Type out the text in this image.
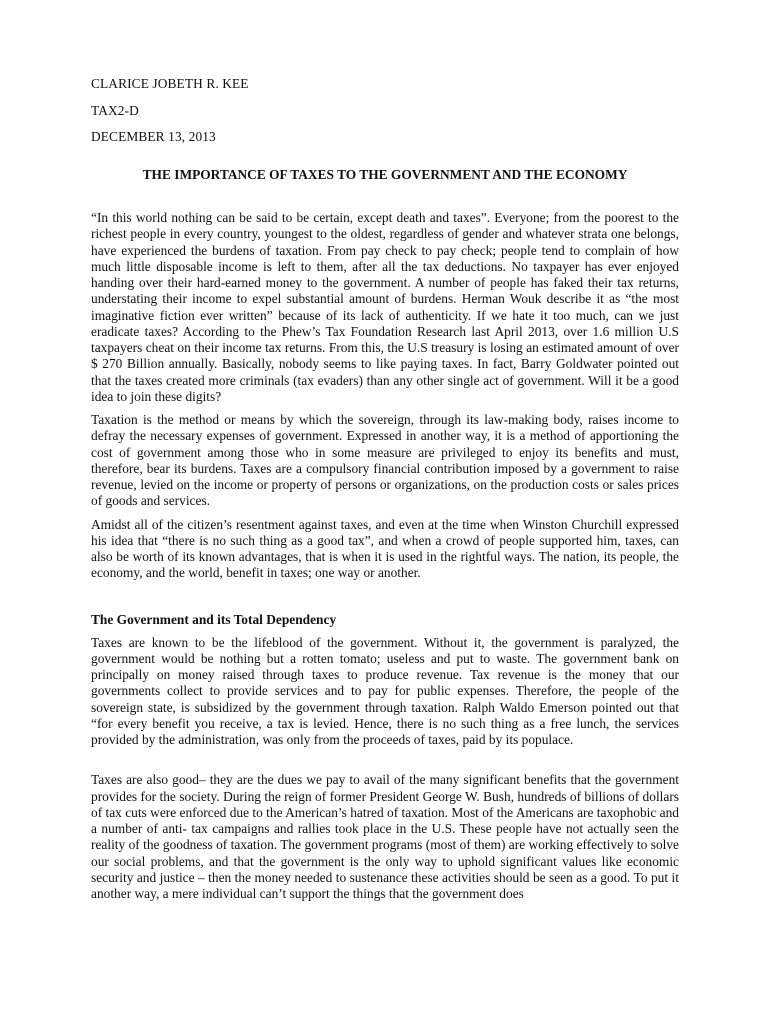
CLARICE JOBETH R. KEE
TAX2-D
DECEMBER 13, 2013
THE IMPORTANCE OF TAXES TO THE GOVERNMENT AND THE ECONOMY

“In this world nothing can be said to be certain, except death and taxes”. Everyone; from the poorest to the richest people in every country, youngest to the oldest, regardless of gender and whatever strata one belongs, have experienced the burdens of taxation. From pay check to pay check; people tend to complain of how much little disposable income is left to them, after all the tax deductions. No taxpayer has ever enjoyed handing over their hard-earned money to the government. A number of people has faked their tax returns, understating their income to expel substantial amount of burdens. Herman Wouk describe it as “the most imaginative fiction ever written” because of its lack of authenticity. If we hate it too much, can we just eradicate taxes? According to the Phew’s Tax Foundation Research last April 2013, over 1.6 million U.S taxpayers cheat on their income tax returns. From this, the U.S treasury is losing an estimated amount of over $ 270 Billion annually. Basically, nobody seems to like paying taxes. In fact, Barry Goldwater pointed out that the taxes created more criminals (tax evaders) than any other single act of government. Will it be a good idea to join these digits?

Taxation is the method or means by which the sovereign, through its law-making body, raises income to defray the necessary expenses of government. Expressed in another way, it is a method of apportioning the cost of government among those who in some measure are privileged to enjoy its benefits and must, therefore, bear its burdens. Taxes are a compulsory financial contribution imposed by a government to raise revenue, levied on the income or property of persons or organizations, on the production costs or sales prices of goods and services.

Amidst all of the citizen’s resentment against taxes, and even at the time when Winston Churchill expressed his idea that “there is no such thing as a good tax”, and when a crowd of people supported him, taxes, can also be worth of its known advantages, that is when it is used in the rightful ways. The nation, its people, the economy, and the world, benefit in taxes; one way or another.

The Government and its Total Dependency

Taxes are known to be the lifeblood of the government. Without it, the government is paralyzed, the government would be nothing but a rotten tomato; useless and put to waste. The government bank on principally on money raised through taxes to produce revenue. Tax revenue is the money that our governments collect to provide services and to pay for public expenses. Therefore, the people of the sovereign state, is subsidized by the government through taxation. Ralph Waldo Emerson pointed out that “for every benefit you receive, a tax is levied. Hence, there is no such thing as a free lunch, the services provided by the administration, was only from the proceeds of taxes, paid by its populace.

Taxes are also good– they are the dues we pay to avail of the many significant benefits that the government provides for the society. During the reign of former President George W. Bush, hundreds of billions of dollars of tax cuts were enforced due to the American’s hatred of taxation. Most of the Americans are taxophobic and a number of anti- tax campaigns and rallies took place in the U.S. These people have not actually seen the reality of the goodness of taxation. The government programs (most of them) are working effectively to solve our social problems, and that the government is the only way to uphold significant values like economic security and justice – then the money needed to sustenance these activities should be seen as a good. To put it another way, a mere individual can’t support the things that the government does
